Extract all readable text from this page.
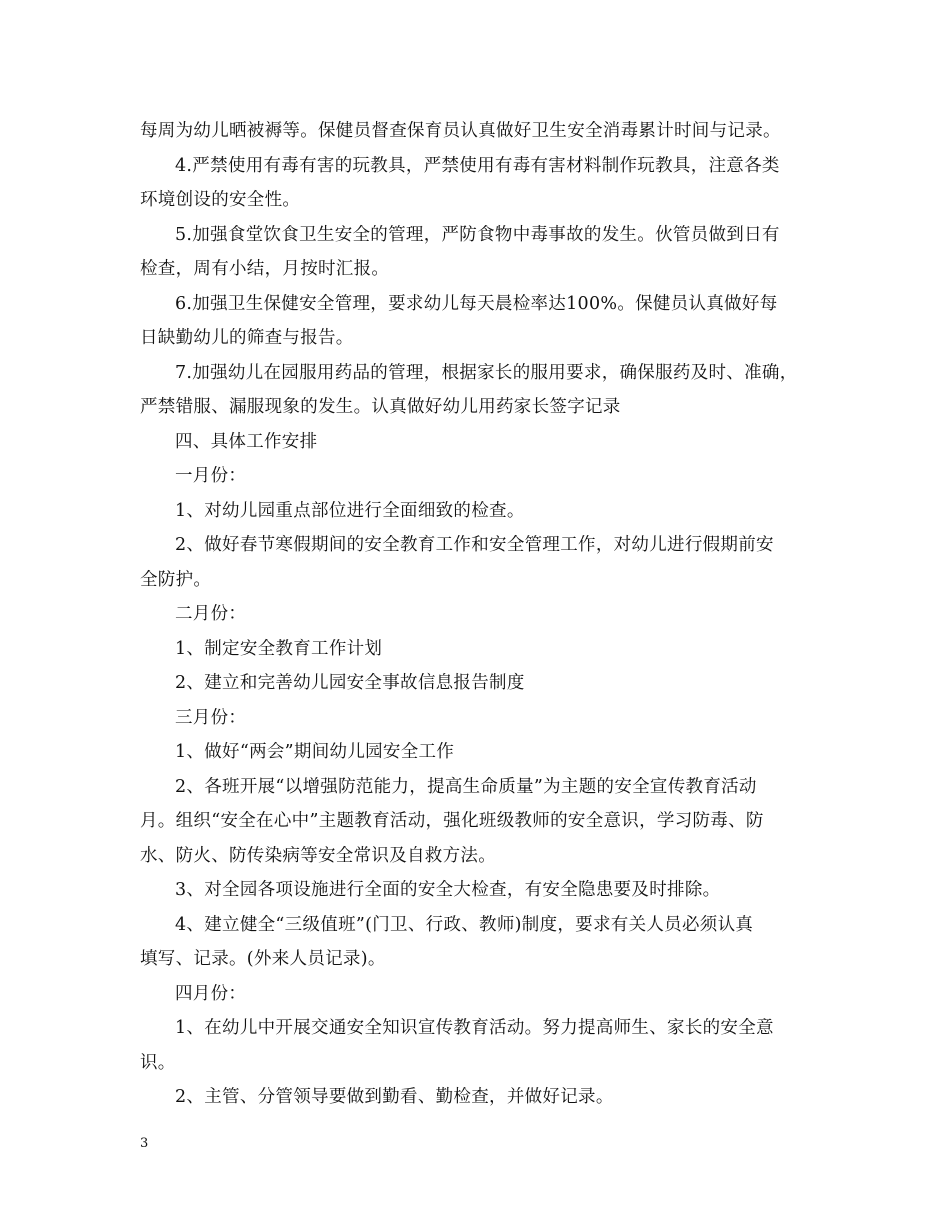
每周为幼儿晒被褥等。保健员督查保育员认真做好卫生安全消毒累计时间与记录。
4.严禁使用有毒有害的玩教具，严禁使用有毒有害材料制作玩教具，注意各类
环境创设的安全性。
5.加强食堂饮食卫生安全的管理，严防食物中毒事故的发生。伙管员做到日有
检查，周有小结，月按时汇报。
6.加强卫生保健安全管理，要求幼儿每天晨检率达100%。保健员认真做好每
日缺勤幼儿的筛查与报告。
7.加强幼儿在园服用药品的管理，根据家长的服用要求，确保服药及时、准确，
严禁错服、漏服现象的发生。认真做好幼儿用药家长签字记录
四、具体工作安排
一月份：
1、对幼儿园重点部位进行全面细致的检查。
2、做好春节寒假期间的安全教育工作和安全管理工作，对幼儿进行假期前安
全防护。
二月份：
1、制定安全教育工作计划
2、建立和完善幼儿园安全事故信息报告制度
三月份：
1、做好“两会”期间幼儿园安全工作
2、各班开展“以增强防范能力，提高生命质量”为主题的安全宣传教育活动
月。组织“安全在心中”主题教育活动，强化班级教师的安全意识，学习防毒、防
水、防火、防传染病等安全常识及自救方法。
3、对全园各项设施进行全面的安全大检查，有安全隐患要及时排除。
4、建立健全“三级值班”(门卫、行政、教师)制度，要求有关人员必须认真
填写、记录。(外来人员记录)。
四月份：
1、在幼儿中开展交通安全知识宣传教育活动。努力提高师生、家长的安全意
识。
2、主管、分管领导要做到勤看、勤检查，并做好记录。
3
